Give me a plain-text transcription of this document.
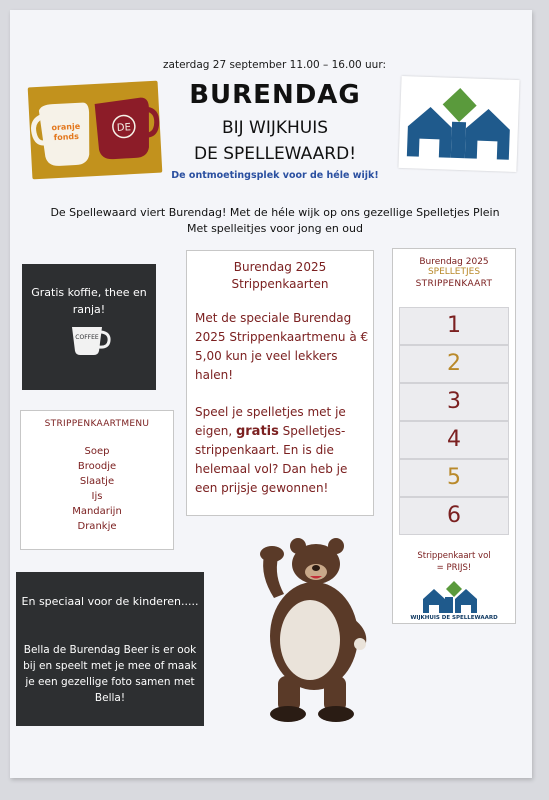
zaterdag 27 september 11.00 – 16.00 uur:
oranje
fonds
DE
BURENDAG
BIJ WIJKHUIS
DE SPELLEWAARD!
De ontmoetingsplek voor de héle wijk!
De Spellewaard viert Burendag! Met de héle wijk op ons gezellige Spelletjes Plein
Met spelleitjes voor jong en oud
Gratis koffie, thee en ranja!
COFFEE
STRIPPENKAARTMENU
Soep
Broodje
Slaatje
Ijs
Mandarijn
Drankje
Burendag 2025
Strippenkaarten
Met de speciale Burendag 2025 Strippenkaartmenu à € 5,00 kun je veel lekkers halen!
Speel je spelletjes met je eigen, gratis Spelletjes-strippenkaart. En is die helemaal vol? Dan heb je een prijsje gewonnen!
Burendag 2025
SPELLETJES
STRIPPENKAART
1
2
3
4
5
6
Strippenkaart vol
= PRIJS!
WIJKHUIS DE SPELLEWAARD
En speciaal voor de kinderen.....
Bella de Burendag Beer is er ook bij en speelt met je mee of maak je een gezellige foto samen met Bella!
